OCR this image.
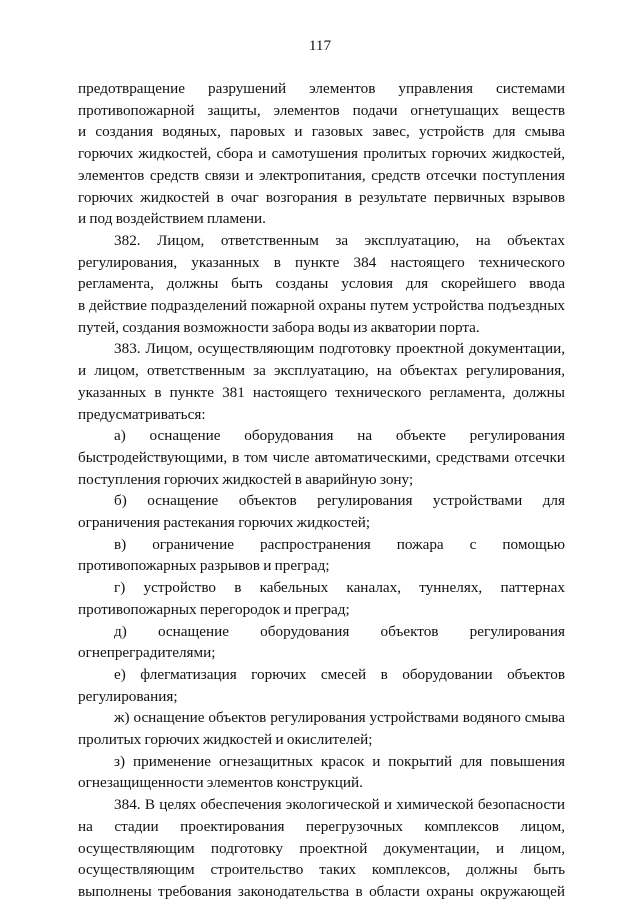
117
предотвращение разрушений элементов управления системами
противопожарной защиты, элементов подачи огнетушащих веществ
и создания водяных, паровых и газовых завес, устройств для смыва
горючих жидкостей, сбора и самотушения пролитых горючих жидкостей,
элементов средств связи и электропитания, средств отсечки поступления
горючих жидкостей в очаг возгорания в результате первичных взрывов
и под воздействием пламени.
382. Лицом, ответственным за эксплуатацию, на объектах
регулирования, указанных в пункте 384 настоящего технического
регламента, должны быть созданы условия для скорейшего ввода
в действие подразделений пожарной охраны путем устройства подъездных
путей, создания возможности забора воды из акватории порта.
383. Лицом, осуществляющим подготовку проектной документации,
и лицом, ответственным за эксплуатацию, на объектах регулирования,
указанных в пункте 381 настоящего технического регламента, должны
предусматриваться:
а) оснащение оборудования на объекте регулирования
быстродействующими, в том числе автоматическими, средствами отсечки
поступления горючих жидкостей в аварийную зону;
б) оснащение объектов регулирования устройствами для
ограничения растекания горючих жидкостей;
в) ограничение распространения пожара с помощью
противопожарных разрывов и преград;
г) устройство в кабельных каналах, туннелях, паттернах
противопожарных перегородок и преград;
д) оснащение оборудования объектов регулирования
огнепреградителями;
е) флегматизация горючих смесей в оборудовании объектов
регулирования;
ж) оснащение объектов регулирования устройствами водяного смыва
пролитых горючих жидкостей и окислителей;
з) применение огнезащитных красок и покрытий для повышения
огнезащищенности элементов конструкций.
384. В целях обеспечения экологической и химической безопасности
на стадии проектирования перегрузочных комплексов лицом,
осуществляющим подготовку проектной документации, и лицом,
осуществляющим строительство таких комплексов, должны быть
выполнены требования законодательства в области охраны окружающей
